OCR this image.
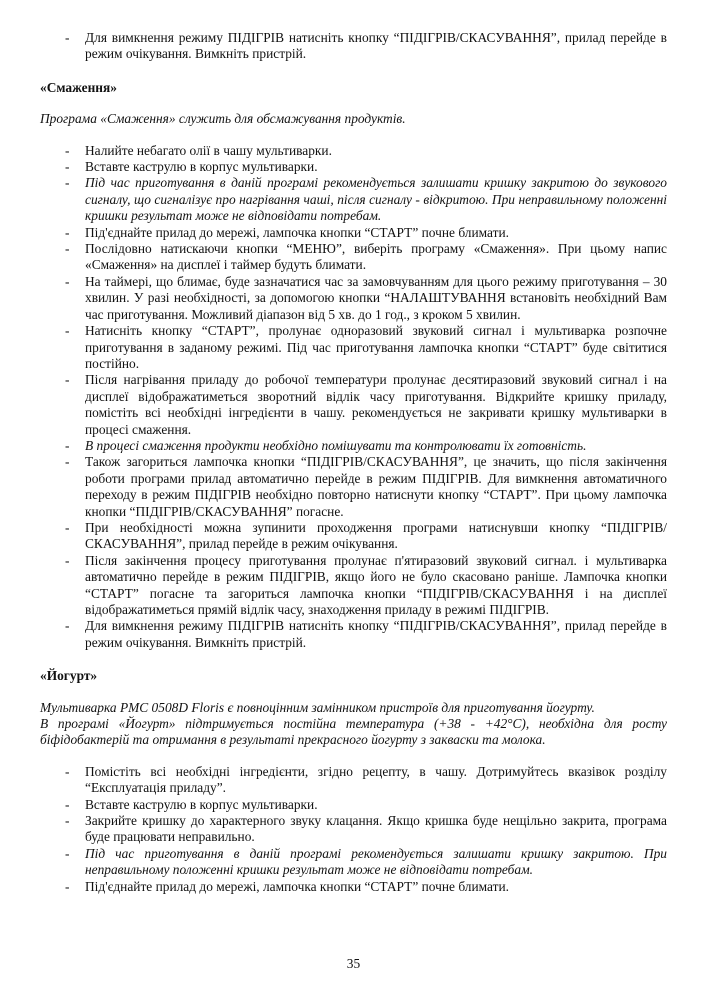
- Для вимкнення режиму ПІДІГРІВ натисніть кнопку “ПІДІГРІВ/СКАСУВАННЯ”, прилад перейде в режим очікування. Вимкніть пристрій.
«Смаження»

Програма «Смаження» служить для обсмажування продуктів.

- Налийте небагато олії в чашу мультиварки.
- Вставте каструлю в корпус мультиварки.
- Під час приготування в даній програмі рекомендується залишати кришку закритою до звукового сигналу, що сигналізує про нагрівання чаші, після сигналу - відкритою. При неправильному положенні кришки результат може не відповідати потребам.
- Під'єднайте прилад до мережі, лампочка кнопки “СТАРТ” почне блимати.
- Послідовно натискаючи кнопки “МЕНЮ”, виберіть програму «Смаження». При цьому напис «Смаження» на дисплеї і таймер будуть блимати.
- На таймері, що блимає, буде зазначатися час за замовчуванням для цього режиму приготування – 30 хвилин. У разі необхідності, за допомогою кнопки “НАЛАШТУВАННЯ встановіть необхідний Вам час приготування. Можливий діапазон від 5 хв. до 1 год., з кроком 5 хвилин.
- Натисніть кнопку “СТАРТ”, пролунає одноразовий звуковий сигнал і мультиварка розпочне приготування в заданому режимі. Під час приготування лампочка кнопки “СТАРТ” буде світитися постійно.
- Після нагрівання приладу до робочої температури пролунає десятиразовий звуковий сигнал і на дисплеї відображатиметься зворотний відлік часу приготування. Відкрийте кришку приладу, помістіть всі необхідні інгредієнти в чашу. рекомендується не закривати кришку мультиварки в процесі смаження.
- В процесі смаження продукти необхідно помішувати та контролювати їх готовність.
- Також загориться лампочка кнопки “ПІДІГРІВ/СКАСУВАННЯ”, це значить, що після закінчення роботи програми прилад автоматично перейде в режим ПІДІГРІВ. Для вимкнення автоматичного переходу в режим ПІДІГРІВ необхідно повторно натиснути кнопку “СТАРТ”. При цьому лампочка кнопки “ПІДІГРІВ/СКАСУВАННЯ” погасне.
- При необхідності можна зупинити проходження програми натиснувши кнопку “ПІДІГРІВ/СКАСУВАННЯ”, прилад перейде в режим очікування.
- Після закінчення процесу приготування пролунає п'ятиразовий звуковий сигнал. і мультиварка автоматично перейде в режим ПІДІГРІВ, якщо його не було скасовано раніше. Лампочка кнопки “СТАРТ” погасне та загориться лампочка кнопки “ПІДІГРІВ/СКАСУВАННЯ і на дисплеї відображатиметься прямій відлік часу, знаходження приладу в режимі ПІДІГРІВ.
- Для вимкнення режиму ПІДІГРІВ натисніть кнопку “ПІДІГРІВ/СКАСУВАННЯ”, прилад перейде в режим очікування. Вимкніть пристрій.
«Йогурт»

Мультиварка PMC 0508D Floris є повноцінним замінником пристроїв для приготування йогурту.

В програмі «Йогурт» підтримується постійна температура (+38 - +42°C), необхідна для росту біфідобактерій та отримання в результаті прекрасного йогурту з закваски та молока.

- Помістіть всі необхідні інгредієнти, згідно рецепту, в чашу. Дотримуйтесь вказівок розділу “Експлуатація приладу”.
- Вставте каструлю в корпус мультиварки.
- Закрийте кришку до характерного звуку клацання. Якщо кришка буде нещільно закрита, програма буде працювати неправильно.
- Під час приготування в даній програмі рекомендується залишати кришку закритою. При неправильному положенні кришки результат може не відповідати потребам.
- Під'єднайте прилад до мережі, лампочка кнопки “СТАРТ” почне блимати.
35
